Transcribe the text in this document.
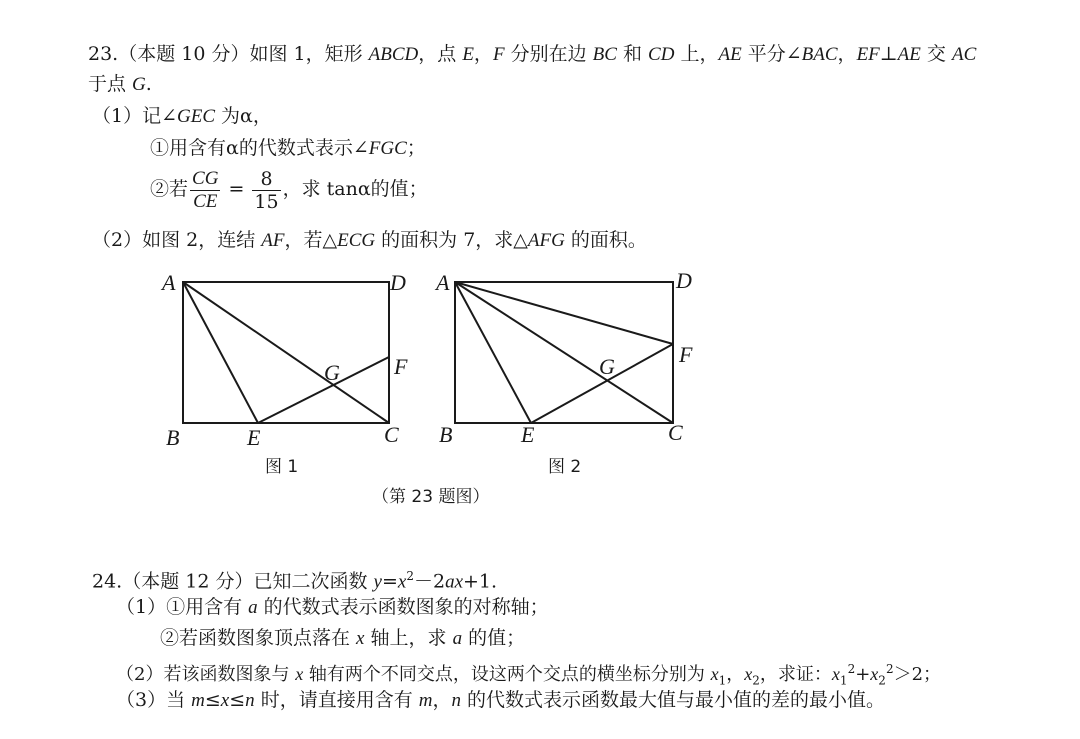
23.（本题 10 分）如图 1，矩形 ABCD，点 E，F 分别在边 BC 和 CD 上，AE 平分∠BAC，EF⊥AE 交 AC
于点 G.
（1）记∠GEC 为α，
①用含有α的代数式表示∠FGC；
②若 $\frac{CG}{CE} = \frac{8}{15}$ ，求 tanα的值；
（2）如图 2，连结 AF，若△ECG 的面积为 7，求△AFG 的面积。
A	D
G F
B	E	C
A	D
G	F
B	E	C
图 1	图 2
（第 23 题图）
24.（本题 12 分）已知二次函数 $y=x^2-2ax+1$.
（1）①用含有 a 的代数式表示函数图象的对称轴；
②若函数图象顶点落在 x 轴上，求 a 的值；
（2）若该函数图象与 x 轴有两个不同交点，设这两个交点的横坐标分别为 $x_1$，$x_2$，求证：$x_1^2+x_2^2>2$；
（3）当 m≤x≤n 时，请直接用含有 m，n 的代数式表示函数最大值与最小值的差的最小值。
